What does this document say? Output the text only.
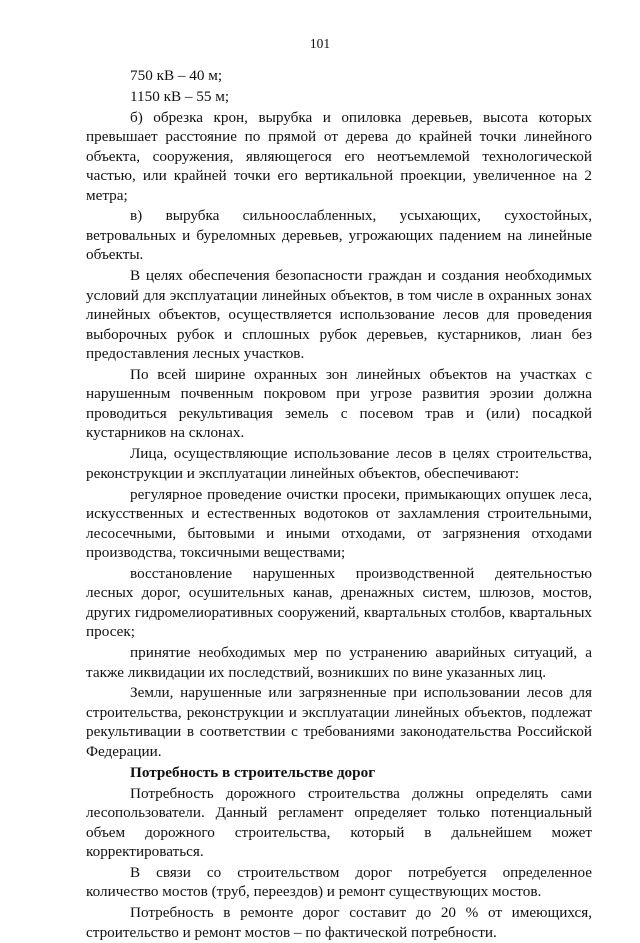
101

750 кВ – 40 м;

1150 кВ – 55 м;

б) обрезка крон, вырубка и опиловка деревьев, высота которых превышает расстояние по прямой от дерева до крайней точки линейного объекта, сооружения, являющегося его неотъемлемой технологической частью, или крайней точки его вертикальной проекции, увеличенное на 2 метра;

в) вырубка сильноослабленных, усыхающих, сухостойных, ветровальных и буреломных деревьев, угрожающих падением на линейные объекты.

В целях обеспечения безопасности граждан и создания необходимых условий для эксплуатации линейных объектов, в том числе в охранных зонах линейных объектов, осуществляется использование лесов для проведения выборочных рубок и сплошных рубок деревьев, кустарников, лиан без предоставления лесных участков.

По всей ширине охранных зон линейных объектов на участках с нарушенным почвенным покровом при угрозе развития эрозии должна проводиться рекультивация земель с посевом трав и (или) посадкой кустарников на склонах.

Лица, осуществляющие использование лесов в целях строительства, реконструкции и эксплуатации линейных объектов, обеспечивают:

регулярное проведение очистки просеки, примыкающих опушек леса, искусственных и естественных водотоков от захламления строительными, лесосечными, бытовыми и иными отходами, от загрязнения отходами производства, токсичными веществами;

восстановление нарушенных производственной деятельностью лесных дорог, осушительных канав, дренажных систем, шлюзов, мостов, других гидромелиоративных сооружений, квартальных столбов, квартальных просек;

принятие необходимых мер по устранению аварийных ситуаций, а также ликвидации их последствий, возникших по вине указанных лиц.

Земли, нарушенные или загрязненные при использовании лесов для строительства, реконструкции и эксплуатации линейных объектов, подлежат рекультивации в соответствии с требованиями законодательства Российской Федерации.

Потребность в строительстве дорог

Потребность дорожного строительства должны определять сами лесопользователи. Данный регламент определяет только потенциальный объем дорожного строительства, который в дальнейшем может корректироваться.

В связи со строительством дорог потребуется определенное количество мостов (труб, переездов) и ремонт существующих мостов.

Потребность в ремонте дорог составит до 20 % от имеющихся, строительство и ремонт мостов – по фактической потребности.
